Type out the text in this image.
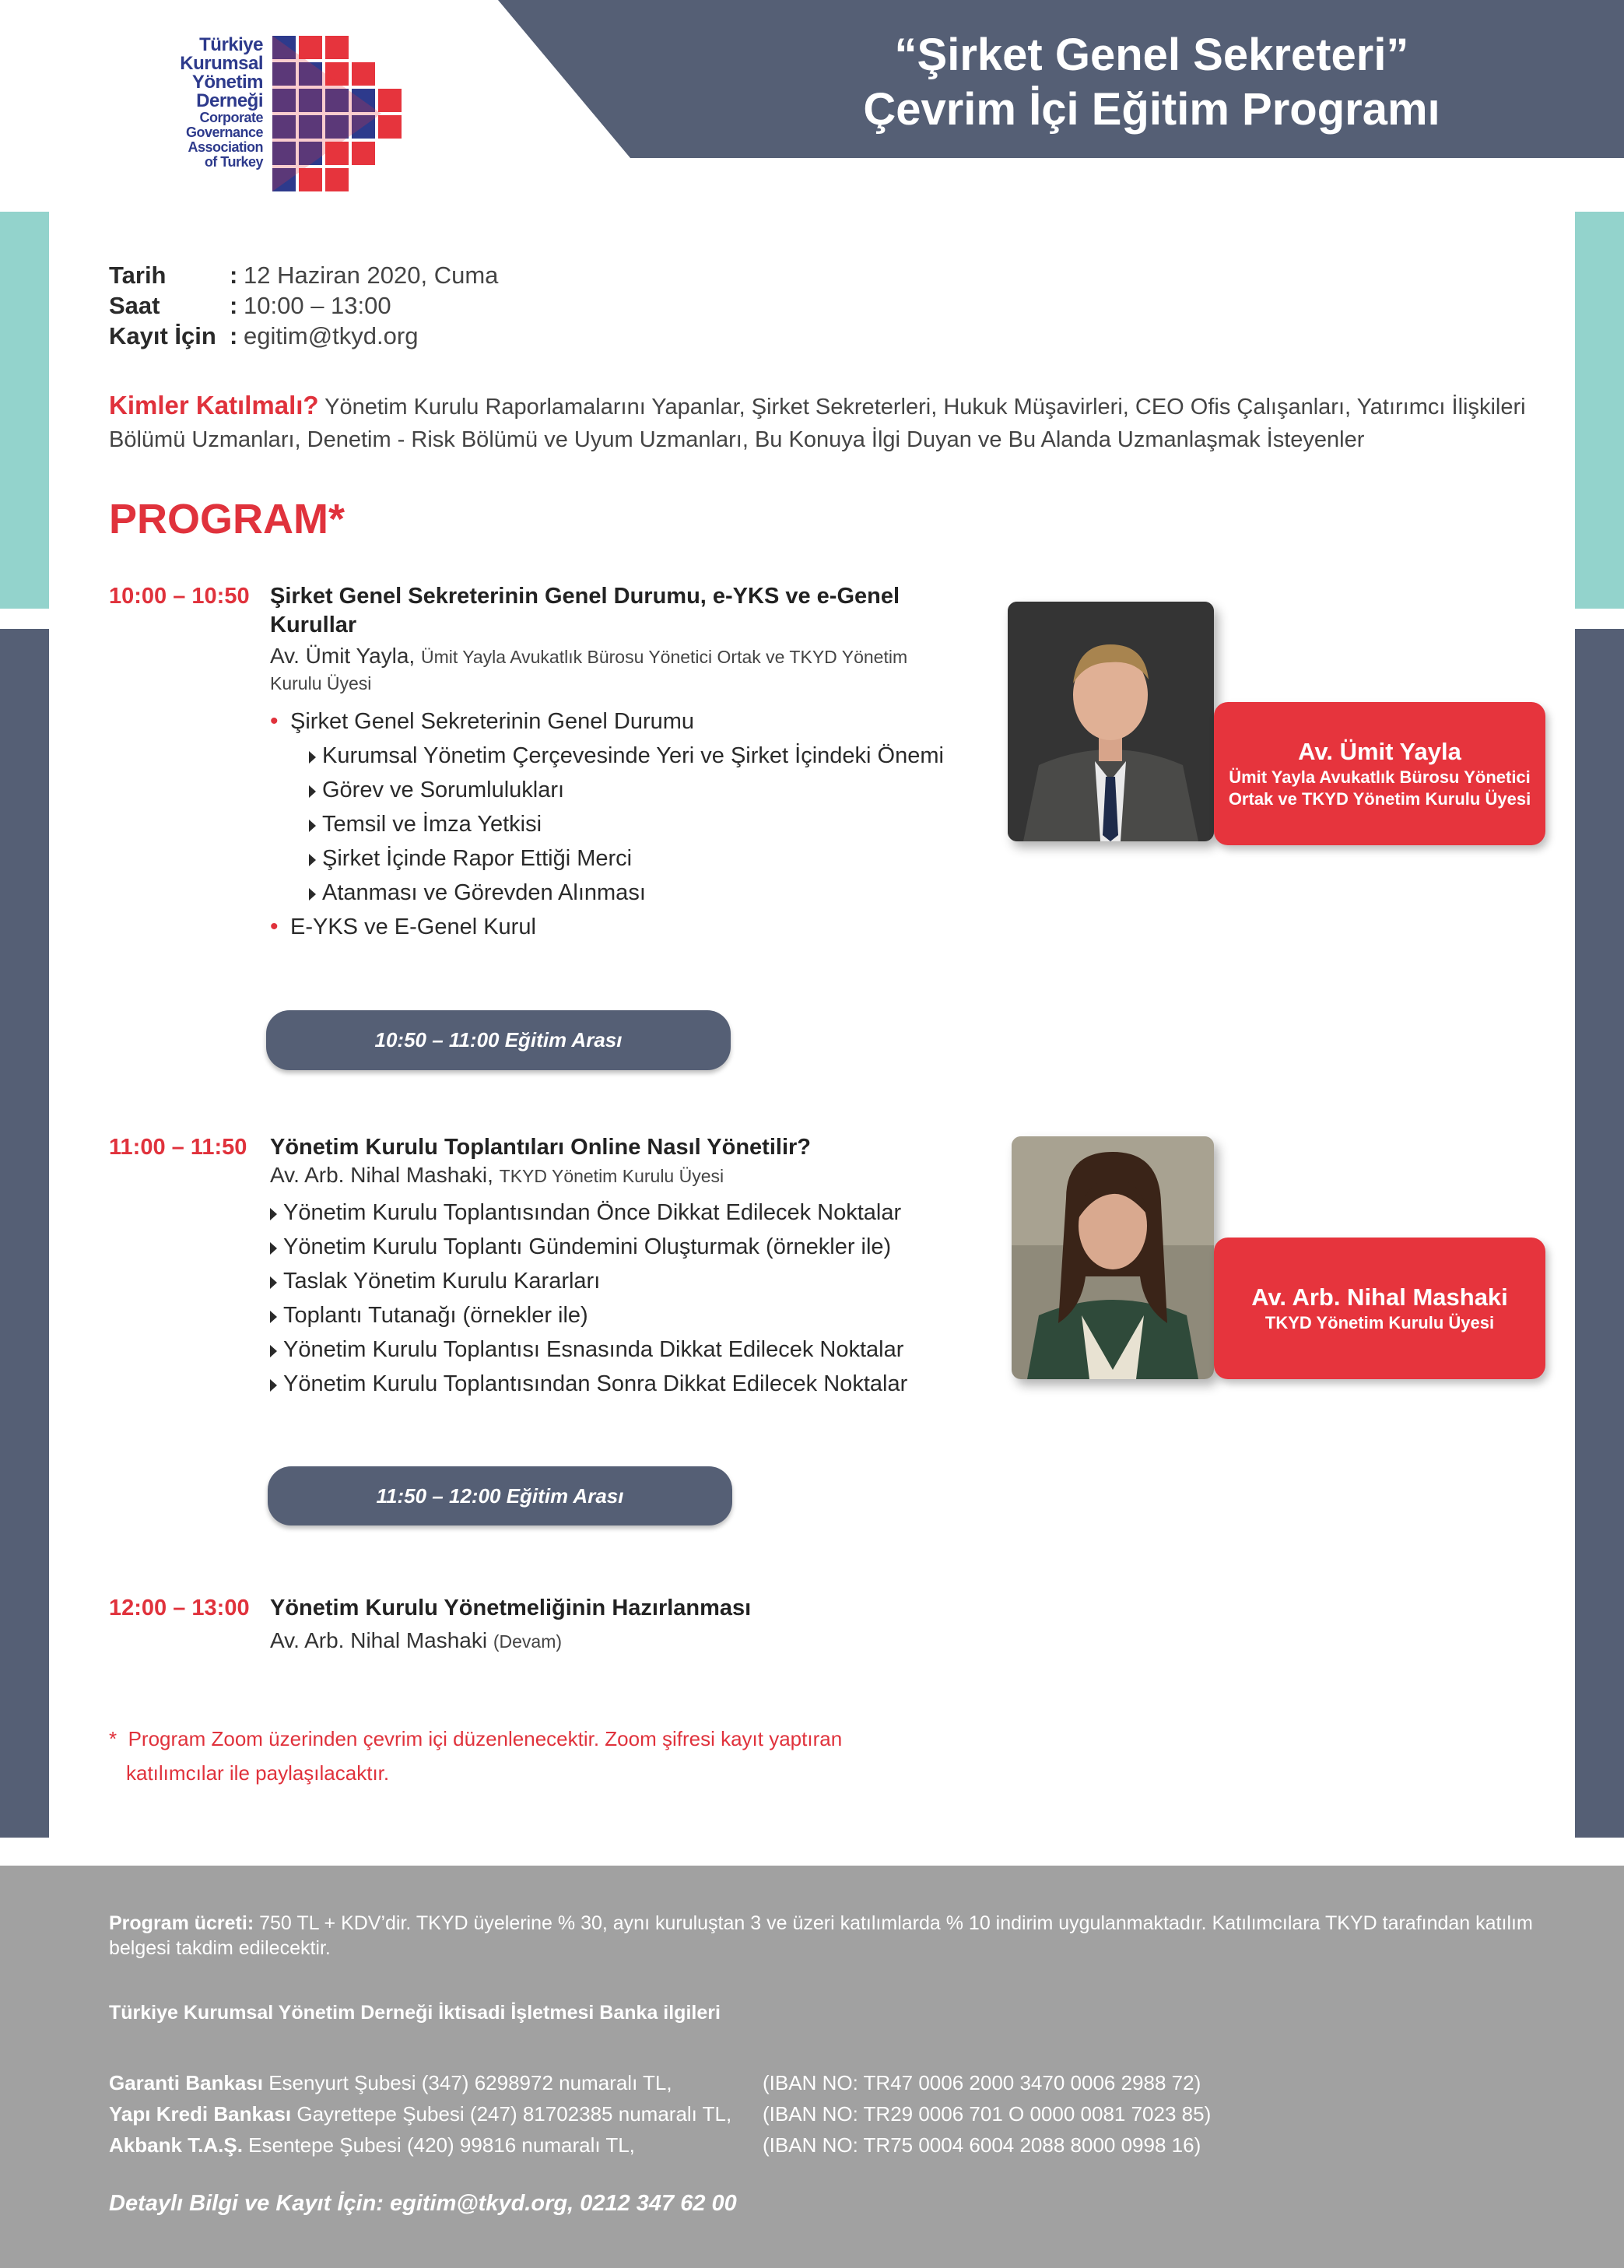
“Şirket Genel Sekreteri”
Çevrim İçi Eğitim Programı
Türkiye
Kurumsal
Yönetim
Derneği
Corporate
Governance
Association
of Turkey
Tarih	: 12 Haziran 2020, Cuma
Saat	: 10:00 – 13:00
Kayıt İçin : egitim@tkyd.org
Kimler Katılmalı? Yönetim Kurulu Raporlamalarını Yapanlar, Şirket Sekreterleri, Hukuk Müşavirleri, CEO Ofis Çalışanları, Yatırımcı İlişkileri Bölümü Uzmanları, Denetim - Risk Bölümü ve Uyum Uzmanları, Bu Konuya İlgi Duyan ve Bu Alanda Uzmanlaşmak İsteyenler
PROGRAM*
10:00 – 10:50 Şirket Genel Sekreterinin Genel Durumu, e-YKS ve e-Genel
Kurullar
Av. Ümit Yayla, Ümit Yayla Avukatlık Bürosu Yönetici Ortak ve TKYD Yönetim
Kurulu Üyesi
• Şirket Genel Sekreterinin Genel Durumu
Kurumsal Yönetim Çerçevesinde Yeri ve Şirket İçindeki Önemi
Görev ve Sorumlulukları
Temsil ve İmza Yetkisi
Şirket İçinde Rapor Ettiği Merci
Atanması ve Görevden Alınması
• E-YKS ve E-Genel Kurul
Av. Ümit Yayla
Ümit Yayla Avukatlık Bürosu Yönetici
Ortak ve TKYD Yönetim Kurulu Üyesi
10:50 – 11:00 Eğitim Arası
11:00 – 11:50 Yönetim Kurulu Toplantıları Online Nasıl Yönetilir?
Av. Arb. Nihal Mashaki, TKYD Yönetim Kurulu Üyesi
Yönetim Kurulu Toplantısından Önce Dikkat Edilecek Noktalar
Yönetim Kurulu Toplantı Gündemini Oluşturmak (örnekler ile)
Taslak Yönetim Kurulu Kararları
Toplantı Tutanağı (örnekler ile)
Yönetim Kurulu Toplantısı Esnasında Dikkat Edilecek Noktalar
Yönetim Kurulu Toplantısından Sonra Dikkat Edilecek Noktalar
Av. Arb. Nihal Mashaki
TKYD Yönetim Kurulu Üyesi
11:50 – 12:00 Eğitim Arası
12:00 – 13:00 Yönetim Kurulu Yönetmeliğinin Hazırlanması
Av. Arb. Nihal Mashaki (Devam)
* Program Zoom üzerinden çevrim içi düzenlenecektir. Zoom şifresi kayıt yaptıran
katılımcılar ile paylaşılacaktır.
Program ücreti: 750 TL + KDV’dir. TKYD üyelerine % 30, aynı kuruluştan 3 ve üzeri katılımlarda % 10 indirim uygulanmaktadır. Katılımcılara TKYD tarafından katılım belgesi takdim edilecektir.
Türkiye Kurumsal Yönetim Derneği İktisadi İşletmesi Banka ilgileri
Garanti Bankası Esenyurt Şubesi (347) 6298972 numaralı TL,	(IBAN NO: TR47 0006 2000 3470 0006 2988 72)
Yapı Kredi Bankası Gayrettepe Şubesi (247) 81702385 numaralı TL,	(IBAN NO: TR29 0006 701 O 0000 0081 7023 85)
Akbank T.A.Ş. Esentepe Şubesi (420) 99816 numaralı TL,	(IBAN NO: TR75 0004 6004 2088 8000 0998 16)
Detaylı Bilgi ve Kayıt İçin: egitim@tkyd.org, 0212 347 62 00
